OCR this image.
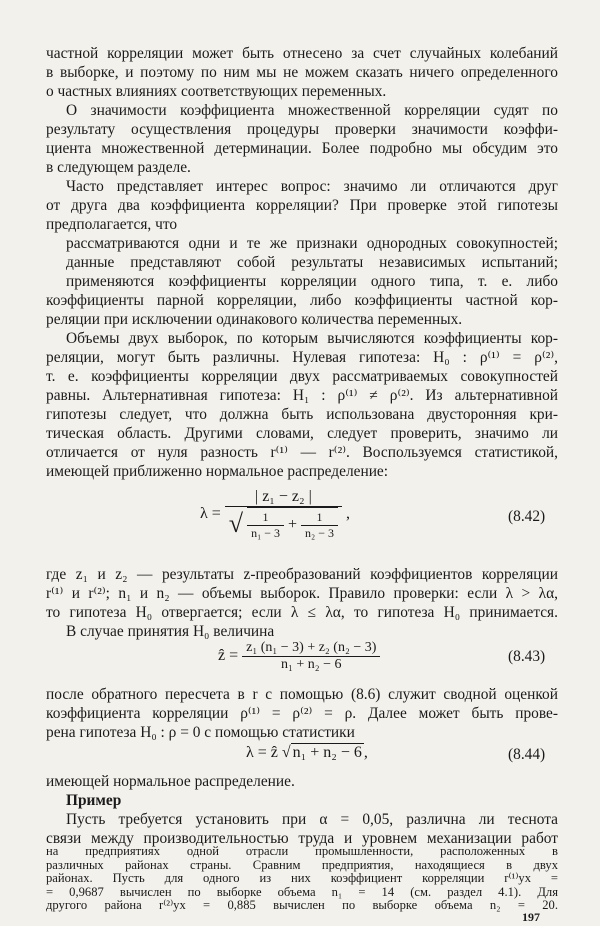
частной корреляции может быть отнесено за счет случайных колебаний
в выборке, и поэтому по ним мы не можем сказать ничего определенного
о частных влияниях соответствующих переменных.
О значимости коэффициента множественной корреляции судят по
результату осуществления процедуры проверки значимости коэффи-
циента множественной детерминации. Более подробно мы обсудим это
в следующем разделе.
Часто представляет интерес вопрос: значимо ли отличаются друг
от друга два коэффициента корреляции? При проверке этой гипотезы
предполагается, что
рассматриваются одни и те же признаки однородных совокупностей;
данные представляют собой результаты независимых испытаний;
применяются коэффициенты корреляции одного типа, т. е. либо
коэффициенты парной корреляции, либо коэффициенты частной кор-
реляции при исключении одинакового количества переменных.
Объемы двух выборок, по которым вычисляются коэффициенты кор-
реляции, могут быть различны. Нулевая гипотеза: H₀ : ρ⁽¹⁾ = ρ⁽²⁾,
т. е. коэффициенты корреляции двух рассматриваемых совокупностей
равны. Альтернативная гипотеза: H₁ : ρ⁽¹⁾ ≠ ρ⁽²⁾. Из альтернативной
гипотезы следует, что должна быть использована двусторонняя кри-
тическая область. Другими словами, следует проверить, значимо ли
отличается от нуля разность r⁽¹⁾ — r⁽²⁾. Воспользуемся статистикой,
имеющей приближенно нормальное распределение:
λ =
| z₁ − z₂ |
√ $\frac{1}{\text{n₁ − 3}} + \frac{1}{\text{n₂ − 3}}$ ,	(8.42)
где z₁ и z₂ — результаты z-преобразований коэффициентов корреляции
r⁽¹⁾ и r⁽²⁾; n₁ и n₂ — объемы выборок. Правило проверки: если λ > λα,
то гипотеза H₀ отвергается; если λ ≤ λα, то гипотеза H₀ принимается.
В случае принятия H₀ величина
ẑ = $\frac{\text{z₁ (n₁ − 3) + z₂ (n₂ − 3)}}{\text{n₁ + n₂ − 6}}$	(8.43)
после обратного пересчета в r с помощью (8.6) служит сводной оценкой
коэффициента корреляции ρ⁽¹⁾ = ρ⁽²⁾ = ρ. Далее может быть прове-
рена гипотеза H₀ : ρ = 0 с помощью статистики
λ = ẑ √ n₁ + n₂ − 6 ,	(8.44)
имеющей нормальное распределение.
Пример
Пусть требуется установить при α = 0,05, различна ли теснота
связи между производительностью труда и уровнем механизации работ
197
на предприятиях одной отрасли промышленности, расположенных в
различных районах страны. Сравним предприятия, находящиеся в двух
районах. Пусть для одного из них коэффициент корреляции r⁽¹⁾yx =
= 0,9687 вычислен по выборке объема n₁ = 14 (см. раздел 4.1). Для
другого района r⁽²⁾yx = 0,885 вычислен по выборке объема n₂ = 20.
